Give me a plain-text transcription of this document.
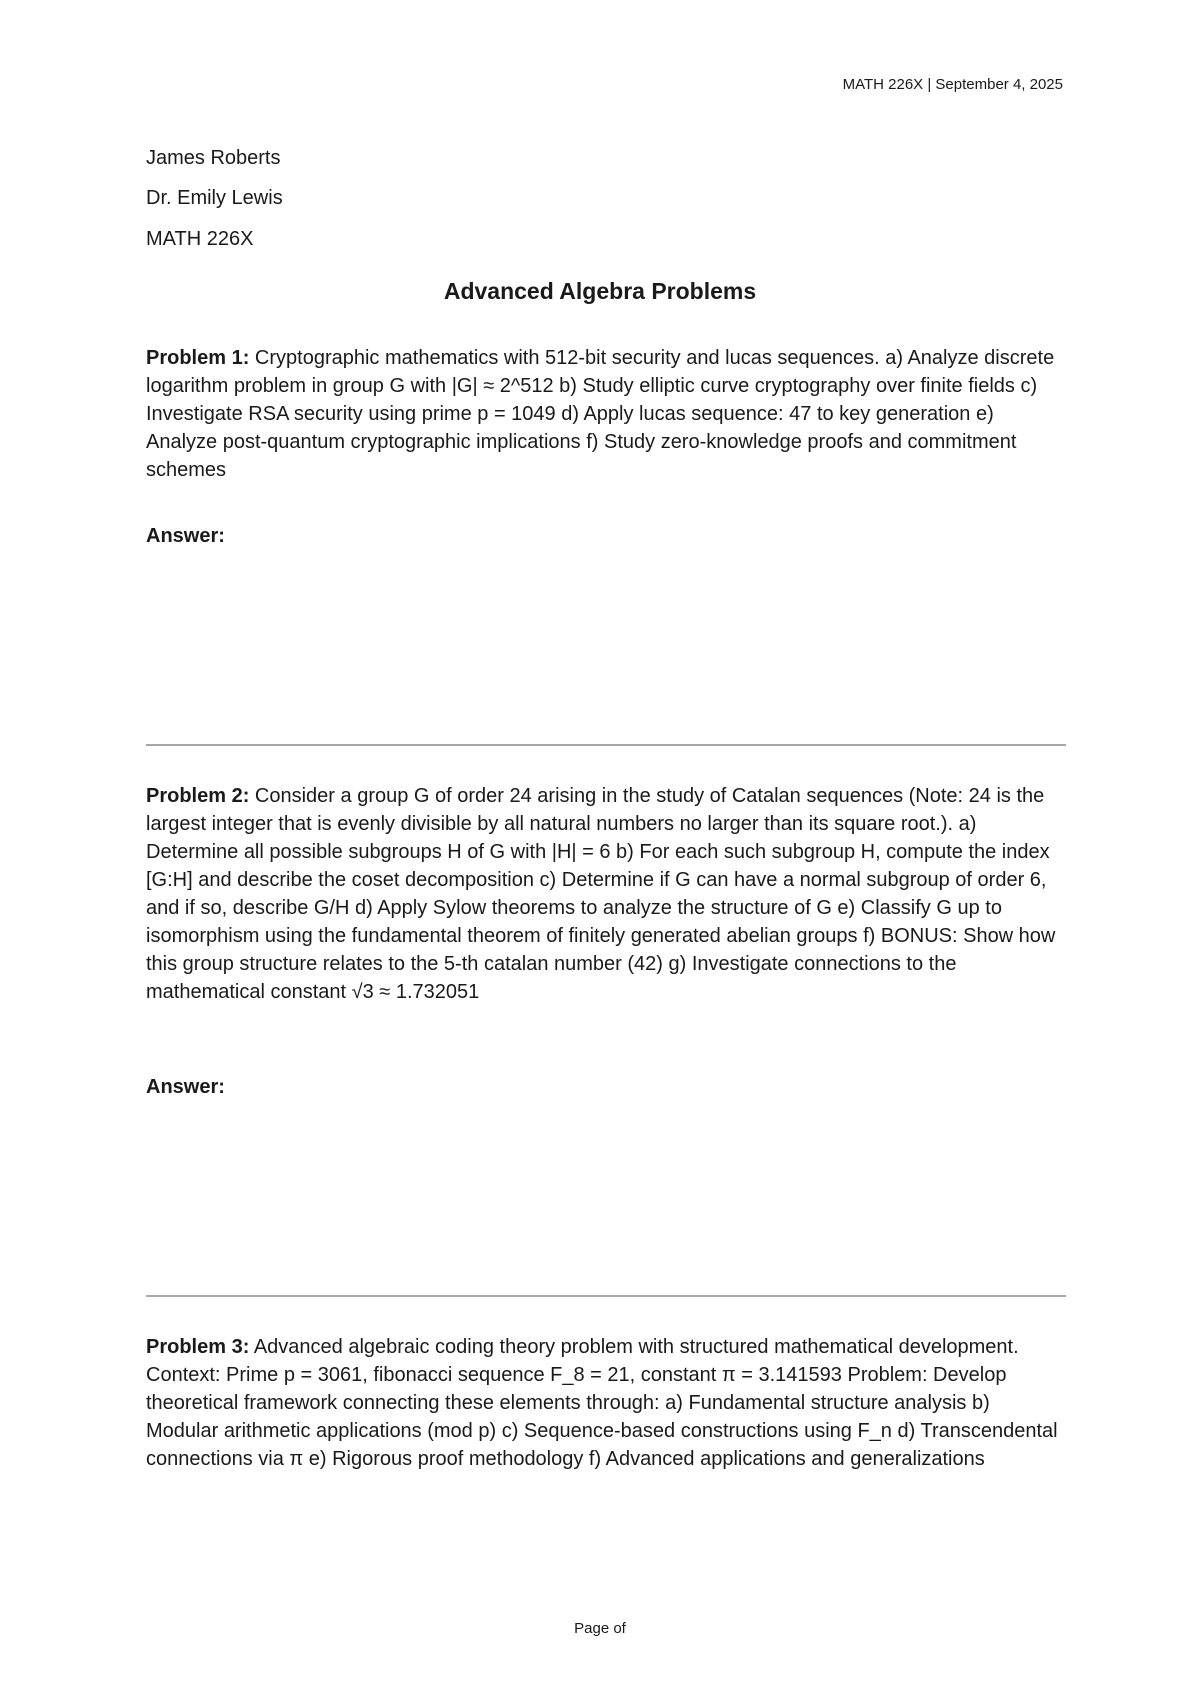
MATH 226X | September 4, 2025
James Roberts
Dr. Emily Lewis
MATH 226X
Advanced Algebra Problems
Problem 1: Cryptographic mathematics with 512-bit security and lucas sequences. a) Analyze discrete logarithm problem in group G with |G| ≈ 2^512 b) Study elliptic curve cryptography over finite fields c) Investigate RSA security using prime p = 1049 d) Apply lucas sequence: 47 to key generation e) Analyze post-quantum cryptographic implications f) Study zero-knowledge proofs and commitment schemes
Answer:
Problem 2: Consider a group G of order 24 arising in the study of Catalan sequences (Note: 24 is the largest integer that is evenly divisible by all natural numbers no larger than its square root.). a) Determine all possible subgroups H of G with |H| = 6 b) For each such subgroup H, compute the index [G:H] and describe the coset decomposition c) Determine if G can have a normal subgroup of order 6, and if so, describe G/H d) Apply Sylow theorems to analyze the structure of G e) Classify G up to isomorphism using the fundamental theorem of finitely generated abelian groups f) BONUS: Show how this group structure relates to the 5-th catalan number (42) g) Investigate connections to the mathematical constant √3 ≈ 1.732051
Answer:
Problem 3: Advanced algebraic coding theory problem with structured mathematical development. Context: Prime p = 3061, fibonacci sequence F_8 = 21, constant π = 3.141593 Problem: Develop theoretical framework connecting these elements through: a) Fundamental structure analysis b) Modular arithmetic applications (mod p) c) Sequence-based constructions using F_n d) Transcendental connections via π e) Rigorous proof methodology f) Advanced applications and generalizations
Page of
